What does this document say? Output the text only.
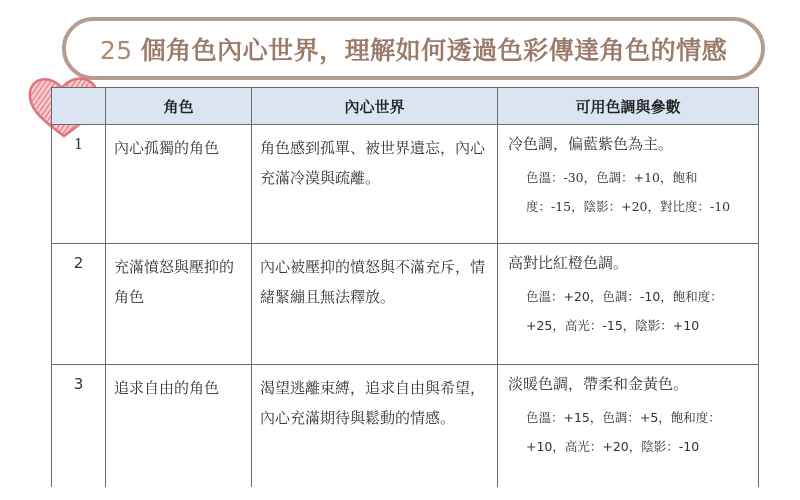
25 個角色內心世界，理解如何透過色彩傳達角色的情感
	角色	內心世界	可用色調與參數
1	內心孤獨的角色	角色感到孤單、被世界遺忘，內心充滿冷漠與疏離。	冷色調，偏藍紫色為主。
色溫：-30，色調：+10，飽和度：-15，陰影：+20，對比度：-10

2	充滿憤怒與壓抑的角色	內心被壓抑的憤怒與不滿充斥，情緒緊繃且無法釋放。	高對比紅橙色調。
色溫：+20，色調：-10，飽和度：+25，高光：-15，陰影：+10

3	追求自由的角色	渴望逃離束縛，追求自由與希望，內心充滿期待與鬆動的情感。	淡暖色調，帶柔和金黃色。
色溫：+15，色調：+5，飽和度：+10，高光：+20，陰影：-10
